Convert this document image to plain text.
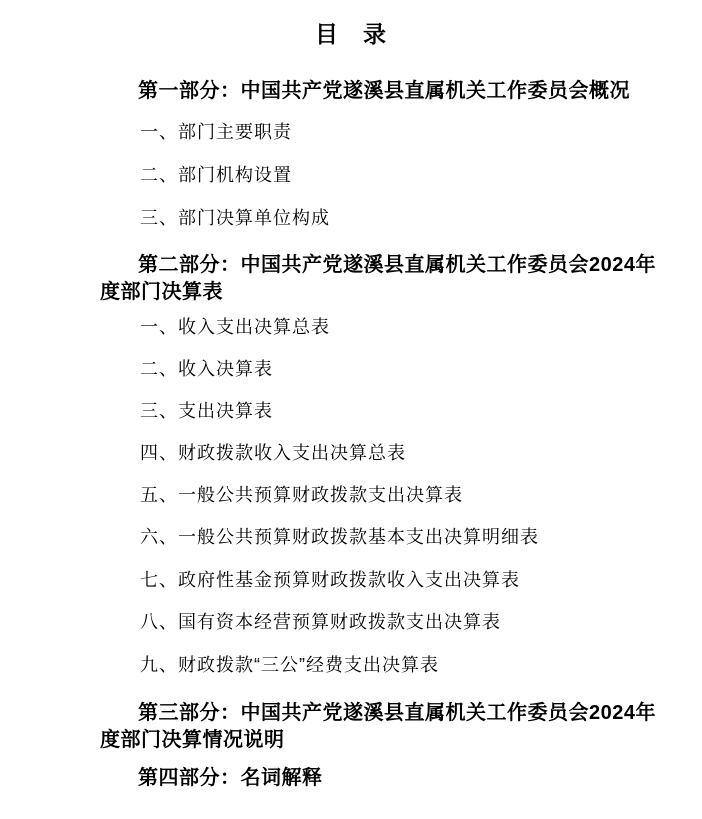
目　录

第一部分：中国共产党遂溪县直属机关工作委员会概况

一、部门主要职责

二、部门机构设置

三、部门决算单位构成

第二部分：中国共产党遂溪县直属机关工作委员会2024年度部门决算表

一、收入支出决算总表

二、收入决算表

三、支出决算表

四、财政拨款收入支出决算总表

五、一般公共预算财政拨款支出决算表

六、一般公共预算财政拨款基本支出决算明细表

七、政府性基金预算财政拨款收入支出决算表

八、国有资本经营预算财政拨款支出决算表

九、财政拨款“三公”经费支出决算表

第三部分：中国共产党遂溪县直属机关工作委员会2024年度部门决算情况说明

第四部分：名词解释
